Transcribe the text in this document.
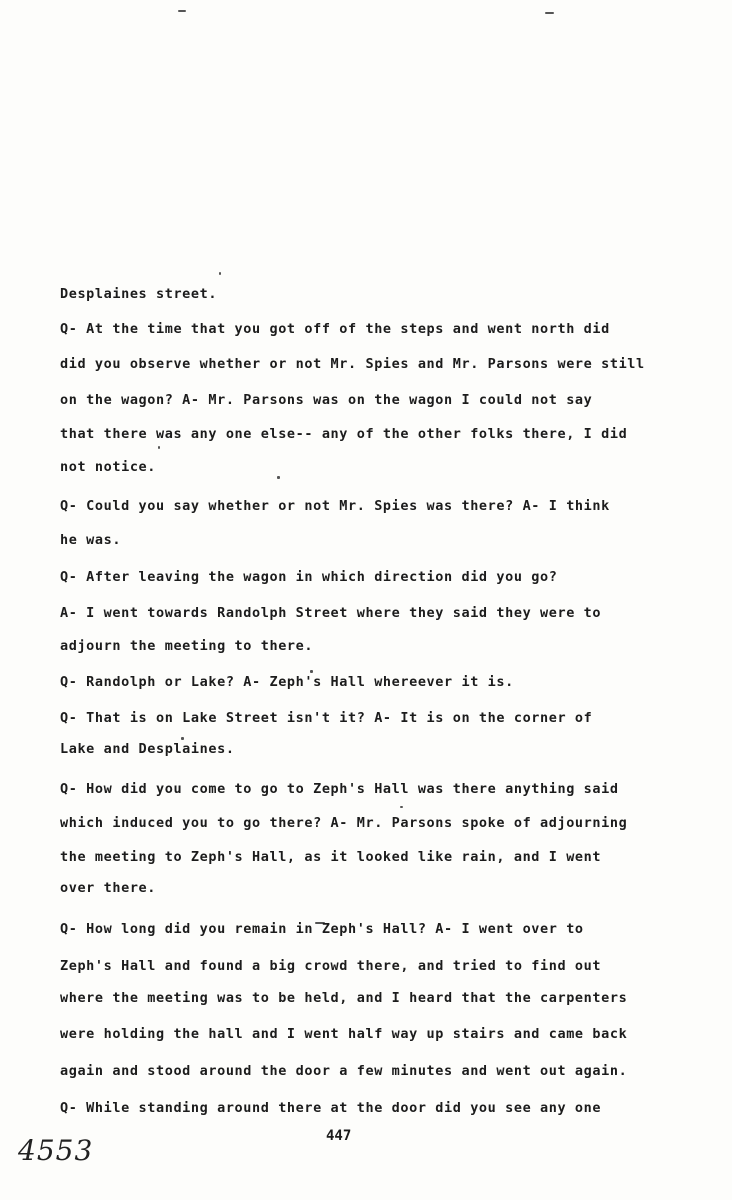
Desplaines street.
Q- At the time that you got off of the steps and went north did
did you observe whether or not Mr. Spies and Mr. Parsons were still
on the wagon? A- Mr. Parsons was on the wagon I could not say
that there was any one else-- any of the other folks there, I did
not notice.
Q- Could you say whether or not Mr. Spies was there? A- I think
he was.
Q- After leaving the wagon in which direction did you go?
A- I went towards Randolph Street where they said they were to
adjourn the meeting to there.
Q- Randolph or Lake? A- Zeph's Hall whereever it is.
Q- That is on Lake Street isn't it? A- It is on the corner of
Lake and Desplaines.
Q- How did you come to go to Zeph's Hall was there anything said
which induced you to go there? A- Mr. Parsons spoke of adjourning
the meeting to Zeph's Hall, as it looked like rain, and I went
over there.
Q- How long did you remain in Zeph's Hall? A- I went over to
Zeph's Hall and found a big crowd there, and tried to find out
where the meeting was to be held, and I heard that the carpenters
were holding the hall and I went half way up stairs and came back
again and stood around the door a few minutes and went out again.
Q- While standing around there at the door did you see any one
447
4553
